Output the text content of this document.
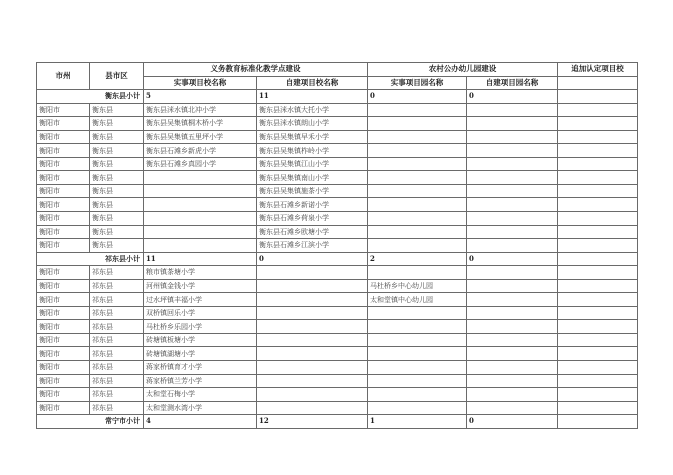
市州	县市区	义务教育标准化教学点建设		农村公办幼儿园建设		追加认定项目校
		实事项目校名称	自建项目校名称	实事项目园名称	自建项目园名称	
衡东县小计		5	11	0	0	
衡阳市	衡东县	衡东县洣水镇北冲小学	衡东县洣水镇大托小学			
衡阳市	衡东县	衡东县吴集镇桐木桥小学	衡东县洣水镇朗山小学			
衡阳市	衡东县	衡东县吴集镇五里坪小学	衡东县吴集镇早禾小学			
衡阳市	衡东县	衡东县石滩乡新虎小学	衡东县吴集镇柞岭小学			
衡阳市	衡东县	衡东县石滩乡真园小学	衡东县吴集镇江山小学			
衡阳市	衡东县		衡东县吴集镇南山小学			
衡阳市	衡东县		衡东县吴集镇施茶小学			
衡阳市	衡东县		衡东县石滩乡新诺小学			
衡阳市	衡东县		衡东县石滩乡荷泉小学			
衡阳市	衡东县		衡东县石滩乡欧塘小学			
衡阳市	衡东县		衡东县石滩乡江滨小学			
祁东县小计		11	0	2	0	
衡阳市	祁东县	粮市镇茶塘小学				
衡阳市	祁东县	河州镇金钱小学		马杜桥乡中心幼儿园		
衡阳市	祁东县	过水坪镇丰福小学		太和堂镇中心幼儿园		
衡阳市	祁东县	双桥镇回乐小学				
衡阳市	祁东县	马杜桥乡乐园小学				
衡阳市	祁东县	砖塘镇板塘小学				
衡阳市	祁东县	砖塘镇湖塘小学				
衡阳市	祁东县	蒋家桥镇育才小学				
衡阳市	祁东县	蒋家桥镇兰芳小学				
衡阳市	祁东县	太和堂石梅小学				
衡阳市	祁东县	太和堂测水湾小学				
常宁市小计		4	12	1	0	
